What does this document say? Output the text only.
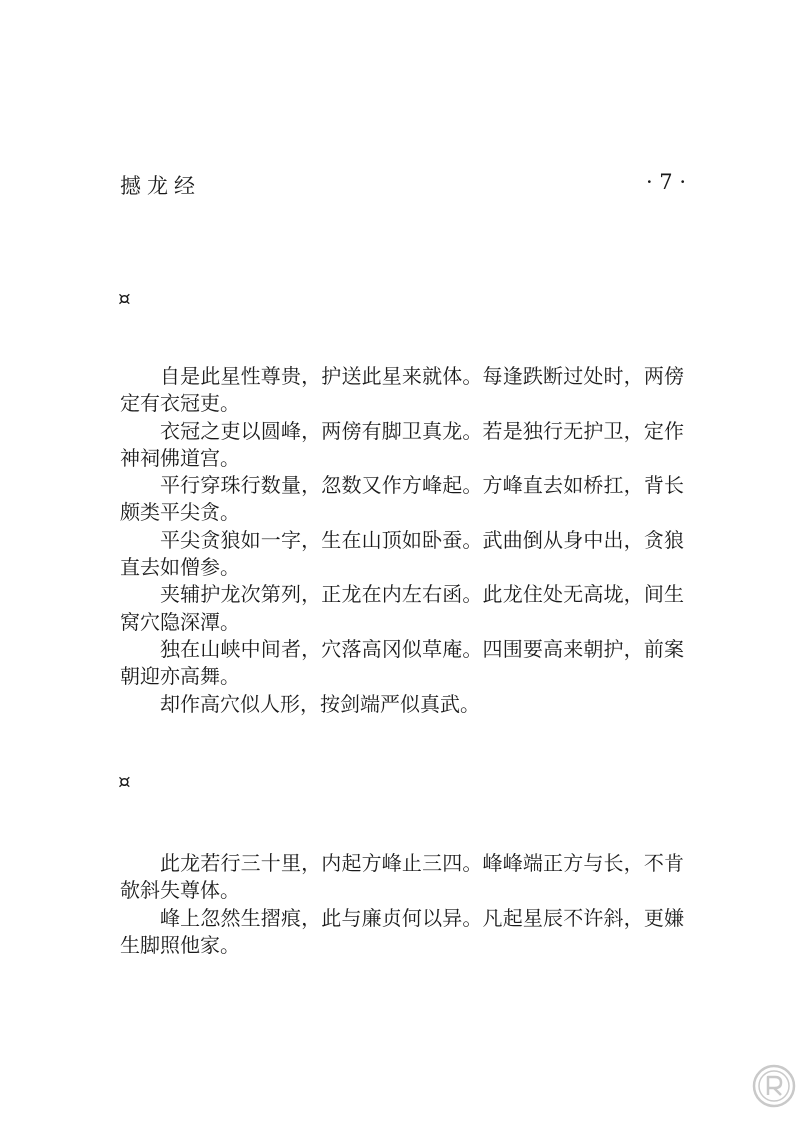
撼龙经	· 7 ·
¤

自是此星性尊贵，护送此星来就体。每逢跌断过处时，两傍定有衣冠吏。

衣冠之吏以圆峰，两傍有脚卫真龙。若是独行无护卫，定作神祠佛道宫。

平行穿珠行数量，忽数又作方峰起。方峰直去如桥扛，背长颇类平尖贪。

平尖贪狼如一字，生在山顶如卧蚕。武曲倒从身中出，贪狼直去如僧参。

夹辅护龙次第列，正龙在内左右函。此龙住处无高垅，间生窝穴隐深潭。

独在山峡中间者，穴落高冈似草庵。四围要高来朝护，前案朝迎亦高舞。

却作高穴似人形，按剑端严似真武。

¤

此龙若行三十里，内起方峰止三四。峰峰端正方与长，不肯欹斜失尊体。

峰上忽然生摺痕，此与廉贞何以异。凡起星辰不许斜，更嫌生脚照他家。
